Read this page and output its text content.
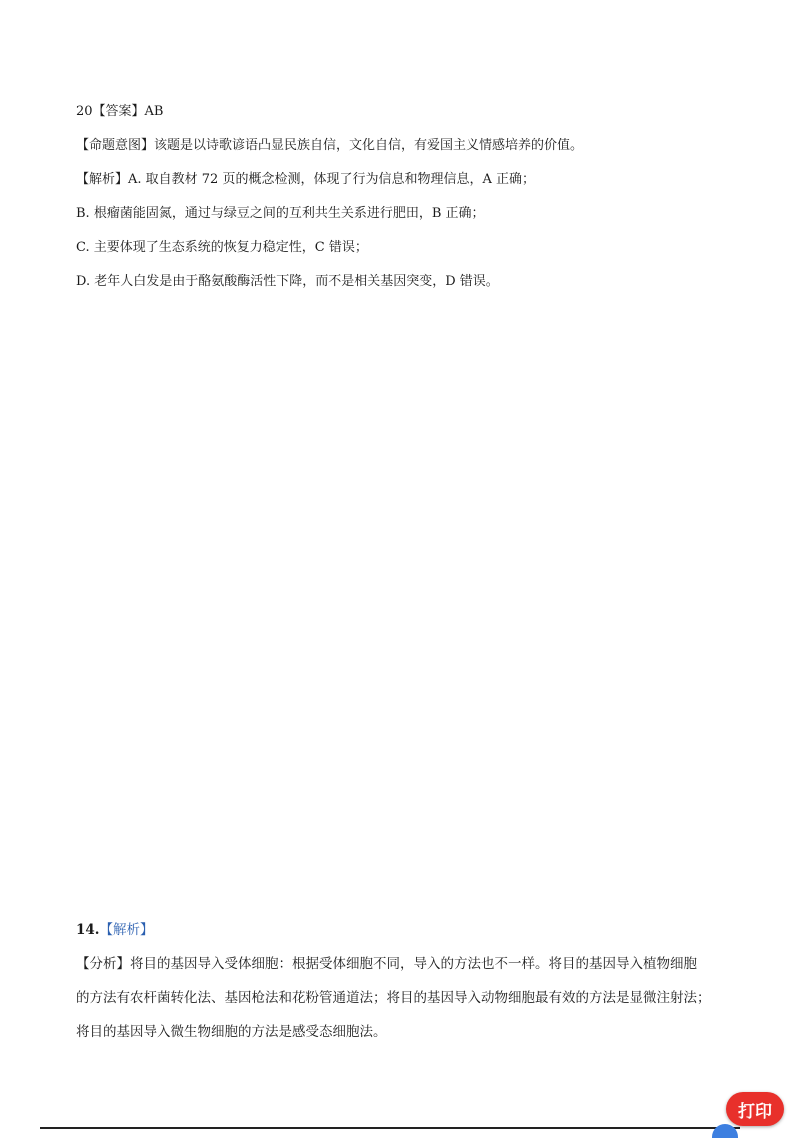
20【答案】AB
【命题意图】该题是以诗歌谚语凸显民族自信，文化自信，有爱国主义情感培养的价值。
【解析】A. 取自教材 72 页的概念检测，体现了行为信息和物理信息，A 正确；
B. 根瘤菌能固氮，通过与绿豆之间的互利共生关系进行肥田，B 正确；
C. 主要体现了生态系统的恢复力稳定性，C 错误；
D. 老年人白发是由于酪氨酸酶活性下降，而不是相关基因突变，D 错误。
14.【解析】
【分析】将目的基因导入受体细胞：根据受体细胞不同，导入的方法也不一样。将目的基因导入植物细胞
的方法有农杆菌转化法、基因枪法和花粉管通道法；将目的基因导入动物细胞最有效的方法是显微注射法；
将目的基因导入微生物细胞的方法是感受态细胞法。
打印
